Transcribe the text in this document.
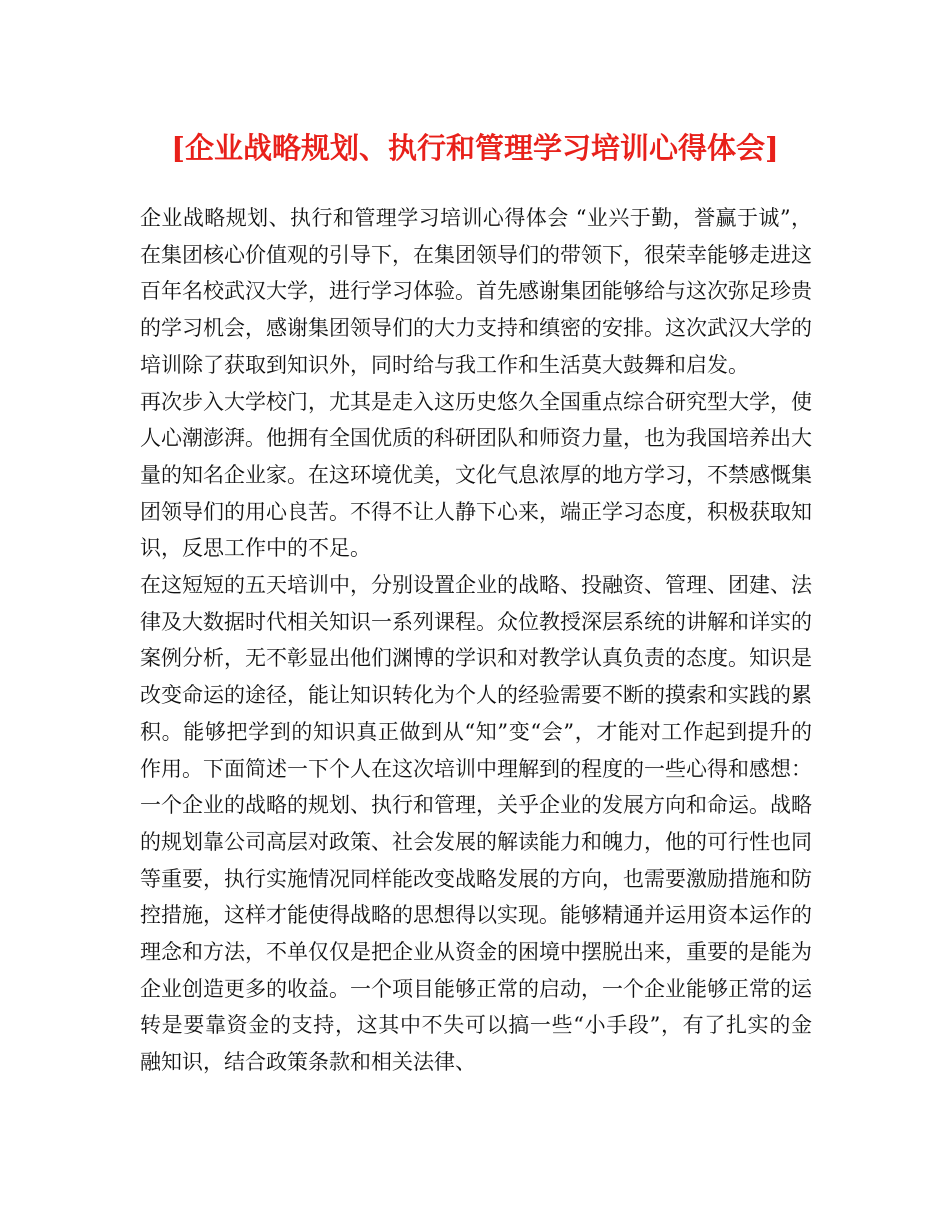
[企业战略规划、执行和管理学习培训心得体会]

企业战略规划、执行和管理学习培训心得体会 “业兴于勤，誉赢于诚”，在集团核心价值观的引导下，在集团领导们的带领下，很荣幸能够走进这百年名校武汉大学，进行学习体验。首先感谢集团能够给与这次弥足珍贵的学习机会，感谢集团领导们的大力支持和缜密的安排。这次武汉大学的培训除了获取到知识外，同时给与我工作和生活莫大鼓舞和启发。

再次步入大学校门，尤其是走入这历史悠久全国重点综合研究型大学，使人心潮澎湃。他拥有全国优质的科研团队和师资力量，也为我国培养出大量的知名企业家。在这环境优美，文化气息浓厚的地方学习，不禁感慨集团领导们的用心良苦。不得不让人静下心来，端正学习态度，积极获取知识，反思工作中的不足。

在这短短的五天培训中，分别设置企业的战略、投融资、管理、团建、法律及大数据时代相关知识一系列课程。众位教授深层系统的讲解和详实的案例分析，无不彰显出他们渊博的学识和对教学认真负责的态度。知识是改变命运的途径，能让知识转化为个人的经验需要不断的摸索和实践的累积。能够把学到的知识真正做到从“知”变“会”，才能对工作起到提升的作用。下面简述一下个人在这次培训中理解到的程度的一些心得和感想： 一个企业的战略的规划、执行和管理，关乎企业的发展方向和命运。战略的规划靠公司高层对政策、社会发展的解读能力和魄力，他的可行性也同等重要，执行实施情况同样能改变战略发展的方向，也需要激励措施和防控措施，这样才能使得战略的思想得以实现。能够精通并运用资本运作的理念和方法，不单仅仅是把企业从资金的困境中摆脱出来，重要的是能为企业创造更多的收益。一个项目能够正常的启动，一个企业能够正常的运转是要靠资金的支持，这其中不失可以搞一些“小手段”，有了扎实的金融知识，结合政策条款和相关法律、
